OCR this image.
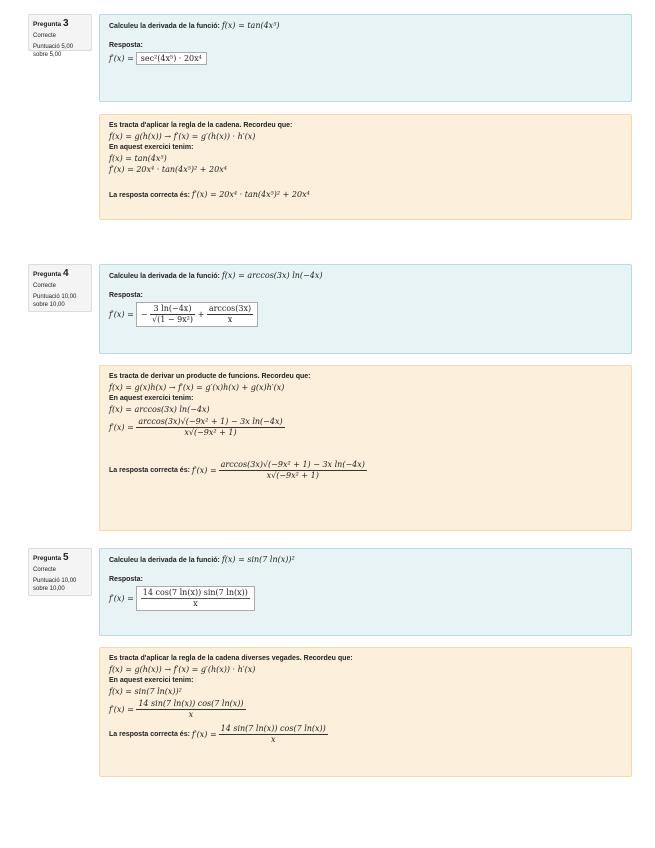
Pregunta 3
Correcte
Puntuació 5,00
sobre 5,00
Calculeu la derivada de la funció: f(x) = tan(4x⁵)
Resposta:
f′(x) =
sec²(4x⁵) · 20x⁴
Es tracta d'aplicar la regla de la cadena. Recordeu que:
f(x) = g(h(x)) → f′(x) = g′(h(x)) · h′(x)
En aquest exercici tenim:
f(x) = tan(4x⁵)
f′(x) = 20x⁴ · tan(4x⁵)² + 20x⁴
La resposta correcta és: f′(x) = 20x⁴ · tan(4x⁵)² + 20x⁴
Pregunta 4
Correcte
Puntuació 10,00
sobre 10,00
Calculeu la derivada de la funció: f(x) = arccos(3x) ln(−4x)
Resposta:
f′(x) =
−
$\frac{3 \ln(-4x)}{\text{√(1 − 9x²)}}$
+
$\frac{\arccos(3x)}{x}$
Es tracta de derivar un producte de funcions. Recordeu que:
f(x) = g(x)h(x) → f′(x) = g′(x)h(x) + g(x)h′(x)
En aquest exercici tenim:
f(x) = arccos(3x) ln(−4x)
f′(x) =
$\frac{\text{arccos(3x)√(−9x² + 1) − 3x ln(−4x)}}{\text{x√(−9x² + 1)}}$
La resposta correcta és:
f′(x) =
$\frac{\text{arccos(3x)√(−9x² + 1) − 3x ln(−4x)}}{\text{x√(−9x² + 1)}}$
Pregunta 5
Correcte
Puntuació 10,00
sobre 10,00
Calculeu la derivada de la funció: f(x) = sin(7 ln(x))²
Resposta:
f′(x) =
$\frac{14 \cos(7 \ln(x)) \sin(7 \ln(x))}{x}$
Es tracta d'aplicar la regla de la cadena diverses vegades. Recordeu que:
f(x) = g(h(x)) → f′(x) = g′(h(x)) · h′(x)
En aquest exercici tenim:
f(x) = sin(7 ln(x))²
f′(x) =
$\frac{14 \sin(7 \ln(x)) \cos(7 \ln(x))}{x}$
La resposta correcta és:
f′(x) =
$\frac{14 \sin(7 \ln(x)) \cos(7 \ln(x))}{x}$
